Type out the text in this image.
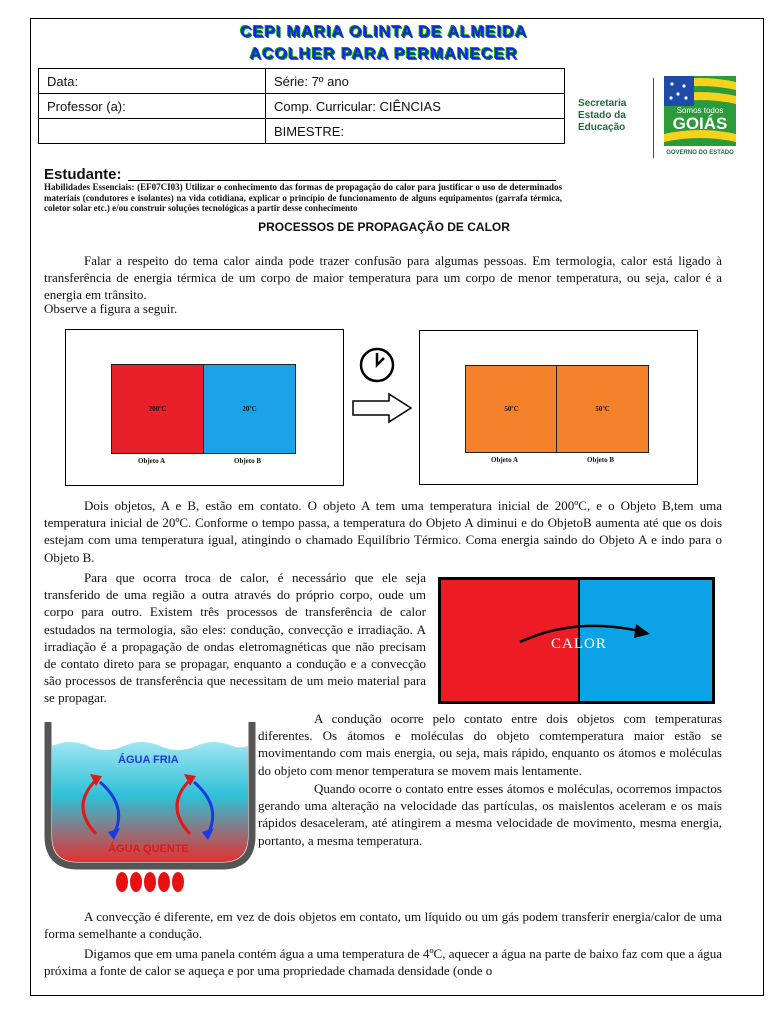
CEPI MARIA OLINTA DE ALMEIDA
ACOLHER PARA PERMANECER
Data:	Série: 7º ano
Professor (a):	Comp. Curricular: CIÊNCIAS
	BIMESTRE:
Estudante:
Habilidades Essenciais: (EF07CI03) Utilizar o conhecimento das formas de propagação do calor para justificar o uso de determinados materiais (condutores e isolantes) na vida cotidiana, explicar o princípio de funcionamento de alguns equipamentos (garrafa térmica, coletor solar etc.) e/ou construir soluções tecnológicas a partir desse conhecimento
Secretaria
Estado da
Educação
Somos todos
GOIÁS
GOVERNO DO ESTADO
PROCESSOS DE PROPAGAÇÃO DE CALOR
Falar a respeito do tema calor ainda pode trazer confusão para algumas pessoas. Em termologia, calor está ligado à transferência de energia térmica de um corpo de maior temperatura para um corpo de menor temperatura, ou seja, calor é a energia em trânsito.
Observe a figura a seguir.
200ºC	20ºC
Objeto A	Objeto B
50ºC	50ºC
Objeto A	Objeto B
Dois objetos, A e B, estão em contato. O objeto A tem uma temperatura inicial de 200ºC, e o Objeto B,tem uma temperatura inicial de 20ºC. Conforme o tempo passa, a temperatura do Objeto A diminui e do ObjetoB aumenta até que os dois estejam com uma temperatura igual, atingindo o chamado Equilíbrio Térmico. Coma energia saindo do Objeto A e indo para o Objeto B.
Para que ocorra troca de calor, é necessário que ele seja transferido de uma região a outra através do próprio corpo, oude um corpo para outro. Existem três processos de transferência de calor estudados na termologia, são eles: condução, convecção e irradiação. A irradiação é a propagação de ondas eletromagnéticas que não precisam de contato direto para se propagar, enquanto a condução e a convecção são processos de transferência que necessitam de um meio material para se propagar.
CALOR
ÁGUA FRIA
ÁGUA QUENTE
A condução ocorre pelo contato entre dois objetos com temperaturas diferentes. Os átomos e moléculas do objeto comtemperatura maior estão se movimentando com mais energia, ou seja, mais rápido, enquanto os átomos e moléculas do objeto com menor temperatura se movem mais lentamente.
Quando ocorre o contato entre esses átomos e moléculas, ocorremos impactos gerando uma alteração na velocidade das partículas, os maislentos aceleram e os mais rápidos desaceleram, até atingirem a mesma velocidade de movimento, mesma energia, portanto, a mesma temperatura.
A convecção é diferente, em vez de dois objetos em contato, um líquido ou um gás podem transferir energia/calor de uma forma semelhante a condução.
Digamos que em uma panela contém água a uma temperatura de 4ºC, aquecer a água na parte de baixo faz com que a água próxima a fonte de calor se aqueça e por uma propriedade chamada densidade (onde o
